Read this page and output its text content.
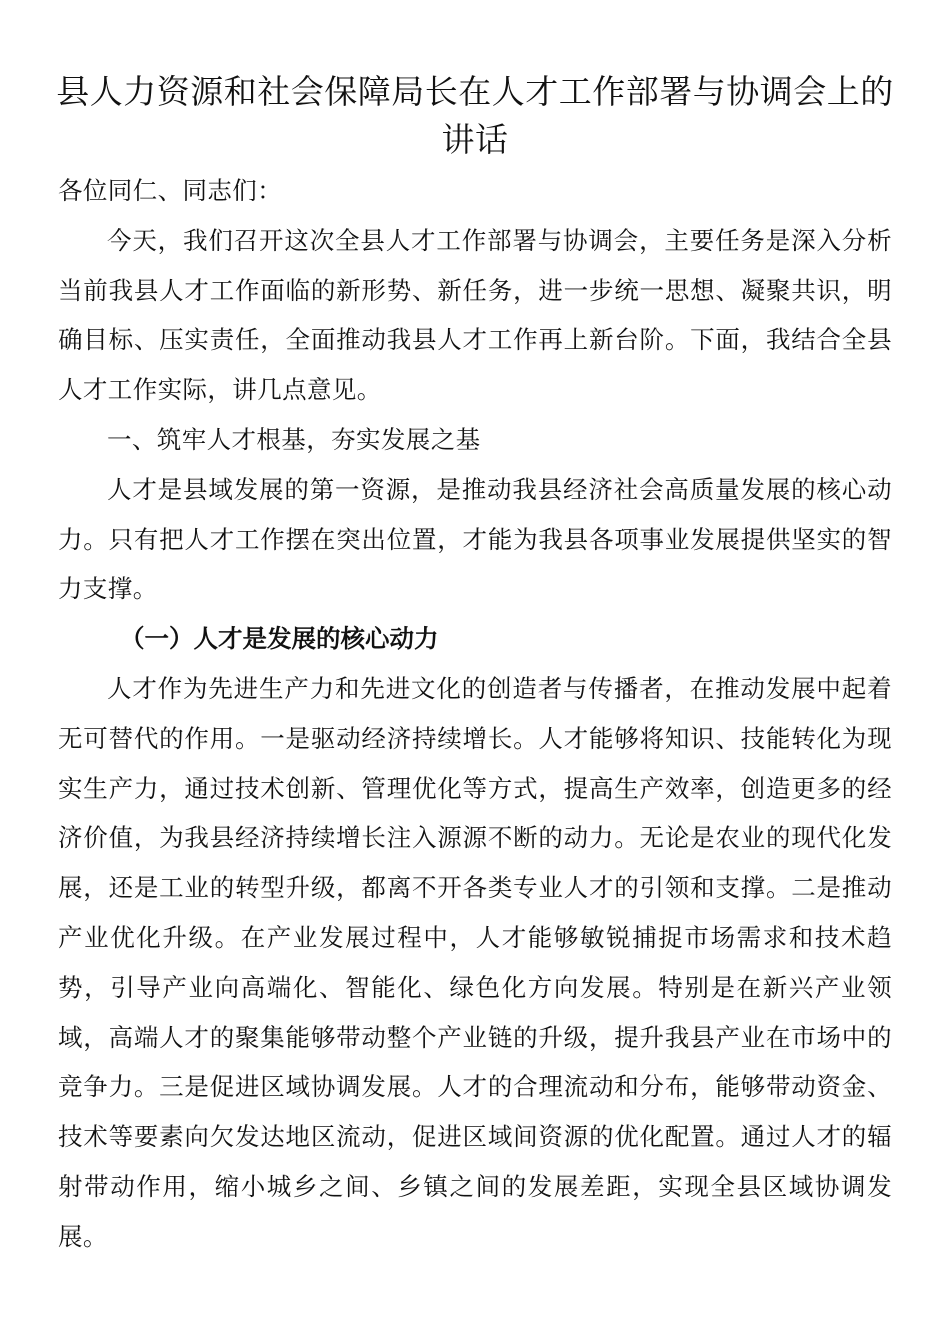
县人力资源和社会保障局长在人才工作部署与协调会上的讲话

各位同仁、同志们：

今天，我们召开这次全县人才工作部署与协调会，主要任务是深入分析当前我县人才工作面临的新形势、新任务，进一步统一思想、凝聚共识，明确目标、压实责任，全面推动我县人才工作再上新台阶。下面，我结合全县人才工作实际，讲几点意见。

一、筑牢人才根基，夯实发展之基

人才是县域发展的第一资源，是推动我县经济社会高质量发展的核心动力。只有把人才工作摆在突出位置，才能为我县各项事业发展提供坚实的智力支撑。

（一）人才是发展的核心动力

人才作为先进生产力和先进文化的创造者与传播者，在推动发展中起着无可替代的作用。一是驱动经济持续增长。人才能够将知识、技能转化为现实生产力，通过技术创新、管理优化等方式，提高生产效率，创造更多的经济价值，为我县经济持续增长注入源源不断的动力。无论是农业的现代化发展，还是工业的转型升级，都离不开各类专业人才的引领和支撑。二是推动产业优化升级。在产业发展过程中，人才能够敏锐捕捉市场需求和技术趋势，引导产业向高端化、智能化、绿色化方向发展。特别是在新兴产业领域，高端人才的聚集能够带动整个产业链的升级，提升我县产业在市场中的竞争力。三是促进区域协调发展。人才的合理流动和分布，能够带动资金、技术等要素向欠发达地区流动，促进区域间资源的优化配置。通过人才的辐射带动作用，缩小城乡之间、乡镇之间的发展差距，实现全县区域协调发展。
